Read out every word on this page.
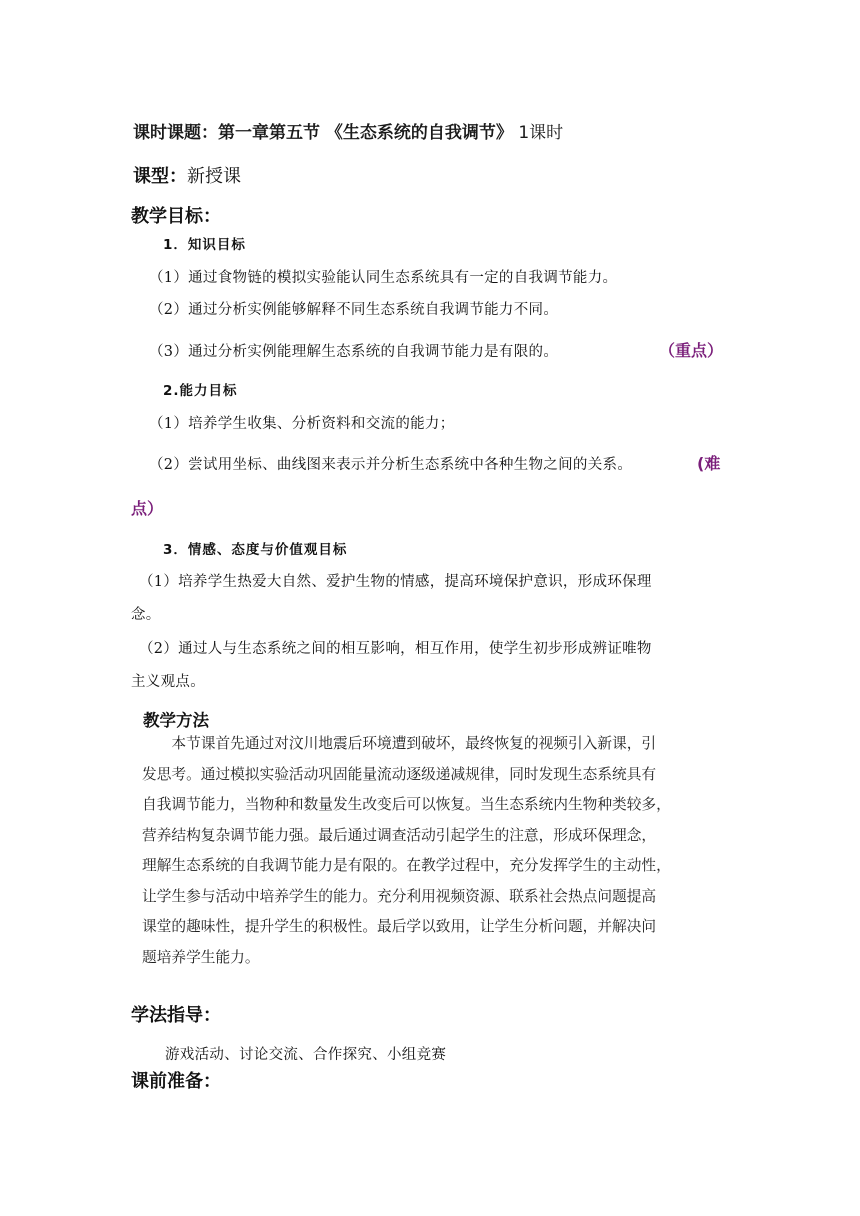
课时课题：第一章第五节 《生态系统的自我调节》 1课时
课型：新授课
教学目标：
1．知识目标
（1）通过食物链的模拟实验能认同生态系统具有一定的自我调节能力。
（2）通过分析实例能够解释不同生态系统自我调节能力不同。
（3）通过分析实例能理解生态系统的自我调节能力是有限的。	（重点）
2.能力目标
（1）培养学生收集、分析资料和交流的能力；
（2）尝试用坐标、曲线图来表示并分析生态系统中各种生物之间的关系。	(难
点）
3．情感、态度与价值观目标
（1）培养学生热爱大自然、爱护生物的情感，提高环境保护意识，形成环保理
念。
（2）通过人与生态系统之间的相互影响，相互作用，使学生初步形成辨证唯物
主义观点。
教学方法
　　本节课首先通过对汶川地震后环境遭到破坏，最终恢复的视频引入新课，引
发思考。通过模拟实验活动巩固能量流动逐级递减规律，同时发现生态系统具有
自我调节能力，当物种和数量发生改变后可以恢复。当生态系统内生物种类较多，
营养结构复杂调节能力强。最后通过调查活动引起学生的注意，形成环保理念，
理解生态系统的自我调节能力是有限的。在教学过程中，充分发挥学生的主动性，
让学生参与活动中培养学生的能力。充分利用视频资源、联系社会热点问题提高
课堂的趣味性，提升学生的积极性。最后学以致用，让学生分析问题，并解决问
题培养学生能力。
学法指导：
游戏活动、讨论交流、合作探究、小组竞赛
课前准备：
